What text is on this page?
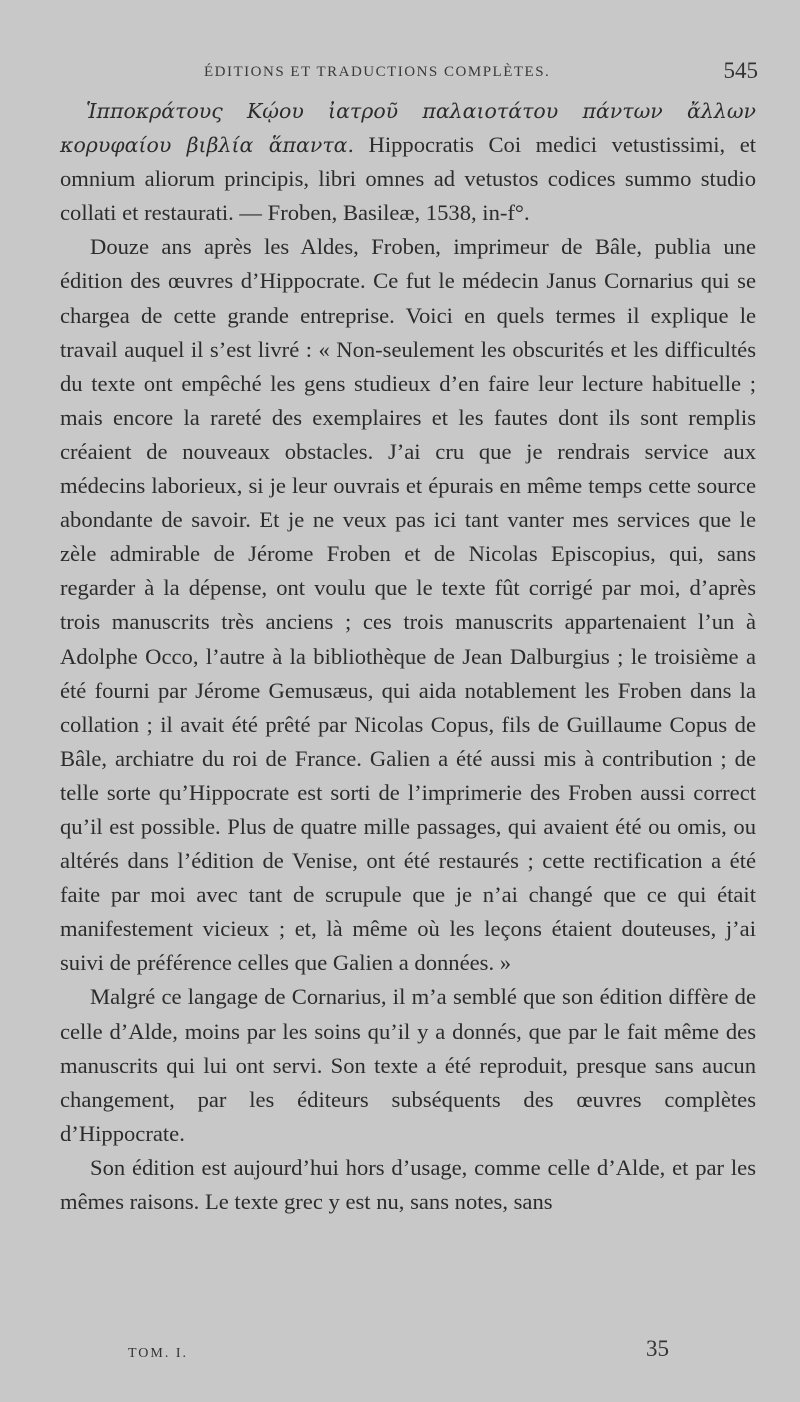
ÉDITIONS ET TRADUCTIONS COMPLÈTES.	545

Ἱπποκράτους Κῴου ἰατροῦ παλαιοτάτου πάντων ἄλλων κορυφαίου βιβλία ἅπαντα. Hippocratis Coi medici vetustissimi, et omnium aliorum principis, libri omnes ad vetustos codices summo studio collati et restaurati. — Froben, Basileæ, 1538, in-f°.

Douze ans après les Aldes, Froben, imprimeur de Bâle, publia une édition des œuvres d’Hippocrate. Ce fut le médecin Janus Cornarius qui se chargea de cette grande entreprise. Voici en quels termes il explique le travail auquel il s’est livré : « Non-seulement les obscurités et les difficultés du texte ont empêché les gens studieux d’en faire leur lecture habituelle ; mais encore la rareté des exemplaires et les fautes dont ils sont remplis créaient de nouveaux obstacles. J’ai cru que je rendrais service aux médecins laborieux, si je leur ouvrais et épurais en même temps cette source abondante de savoir. Et je ne veux pas ici tant vanter mes services que le zèle admirable de Jérome Froben et de Nicolas Episcopius, qui, sans regarder à la dépense, ont voulu que le texte fût corrigé par moi, d’après trois manuscrits très anciens ; ces trois manuscrits appartenaient l’un à Adolphe Occo, l’autre à la bibliothèque de Jean Dalburgius ; le troisième a été fourni par Jérome Gemusæus, qui aida notablement les Froben dans la collation ; il avait été prêté par Nicolas Copus, fils de Guillaume Copus de Bâle, archiatre du roi de France. Galien a été aussi mis à contribution ; de telle sorte qu’Hippocrate est sorti de l’imprimerie des Froben aussi correct qu’il est possible. Plus de quatre mille passages, qui avaient été ou omis, ou altérés dans l’édition de Venise, ont été restaurés ; cette rectification a été faite par moi avec tant de scrupule que je n’ai changé que ce qui était manifestement vicieux ; et, là même où les leçons étaient douteuses, j’ai suivi de préférence celles que Galien a données. »

Malgré ce langage de Cornarius, il m’a semblé que son édition diffère de celle d’Alde, moins par les soins qu’il y a donnés, que par le fait même des manuscrits qui lui ont servi. Son texte a été reproduit, presque sans aucun changement, par les éditeurs subséquents des œuvres complètes d’Hippocrate.

Son édition est aujourd’hui hors d’usage, comme celle d’Alde, et par les mêmes raisons. Le texte grec y est nu, sans notes, sans

TOM. I.	35
